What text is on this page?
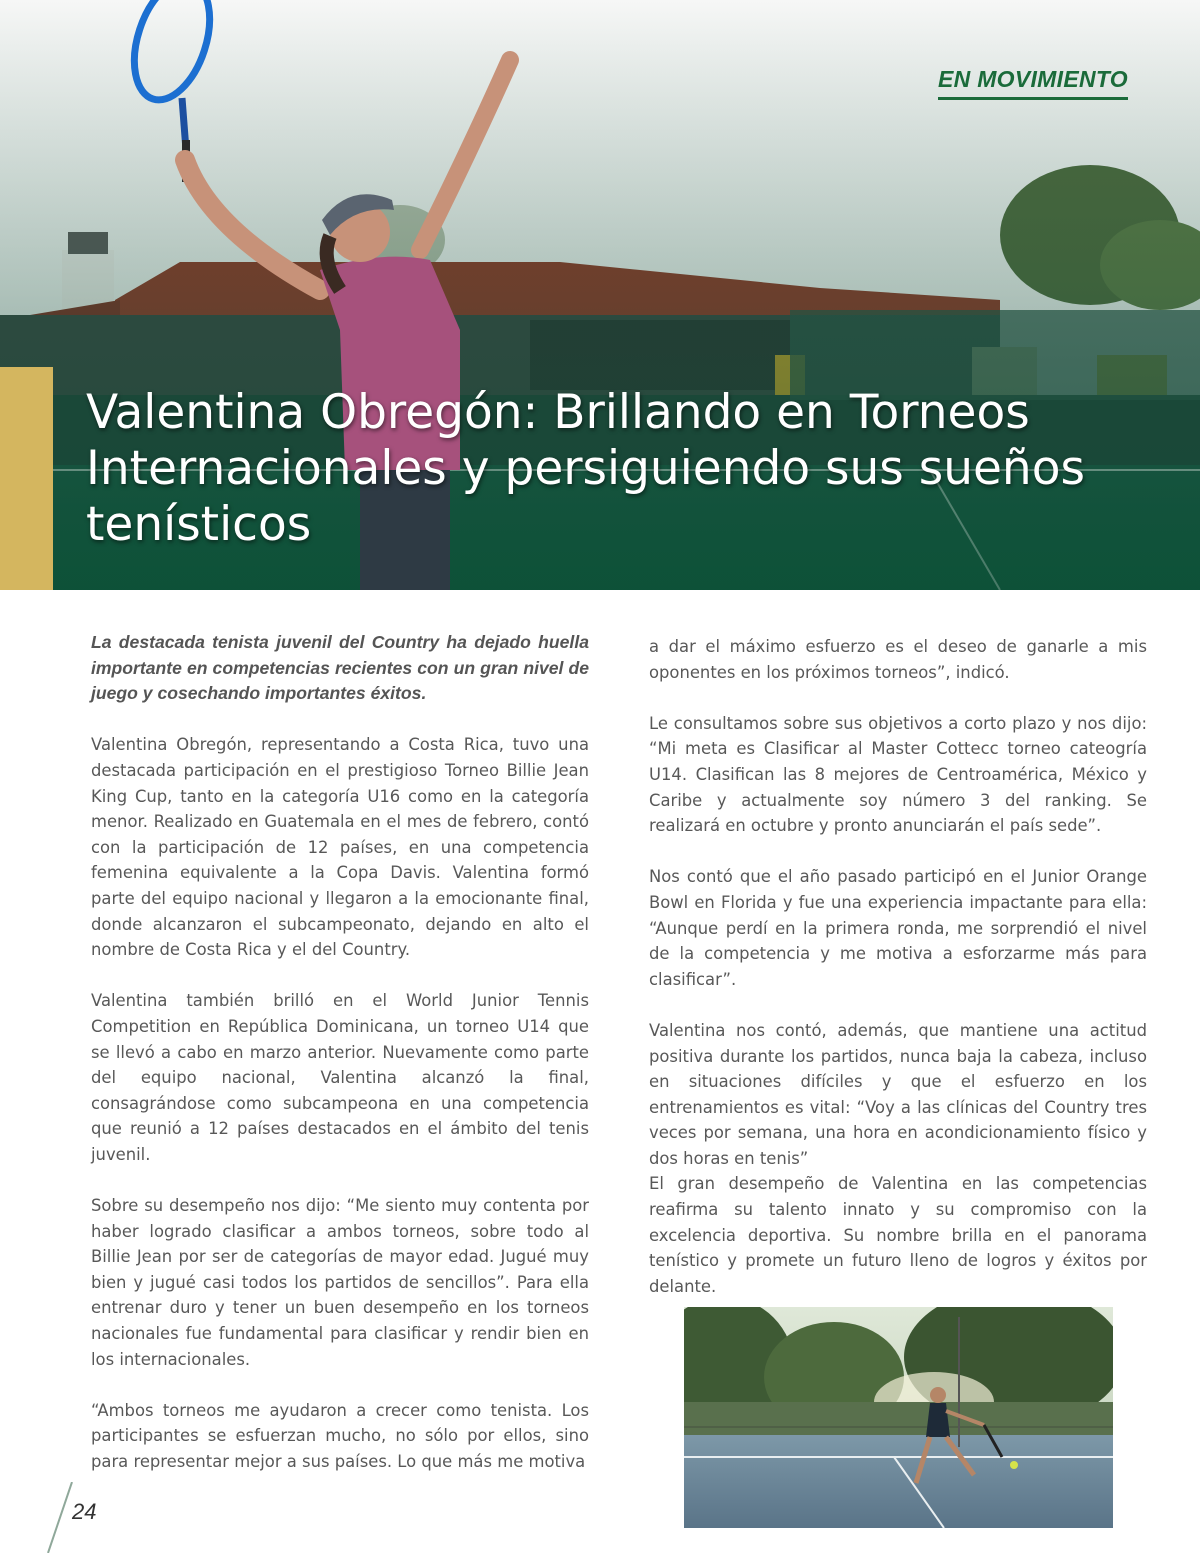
EN MOVIMIENTO
Valentina Obregón: Brillando en Torneos Internacionales y persiguiendo sus sueños tenísticos

La destacada tenista juvenil del Country ha dejado huella importante en competencias recientes con un gran nivel de juego y cosechando importantes éxitos.

Valentina Obregón, representando a Costa Rica, tuvo una destacada participación en el prestigioso Torneo Billie Jean King Cup, tanto en la categoría U16 como en la categoría menor. Realizado en Guatemala en el mes de febrero, contó con la participación de 12 países, en una competencia femenina equivalente a la Copa Davis. Valentina formó parte del equipo nacional y llegaron a la emocionante final, donde alcanzaron el subcampeonato, dejando en alto el nombre de Costa Rica y el del Country.

Valentina también brilló en el World Junior Tennis Competition en República Dominicana, un torneo U14 que se llevó a cabo en marzo anterior. Nuevamente como parte del equipo nacional, Valentina alcanzó la final, consagrándose como subcampeona en una competencia que reunió a 12 países destacados en el ámbito del tenis juvenil.

Sobre su desempeño nos dijo: “Me siento muy contenta por haber logrado clasificar a ambos torneos, sobre todo al Billie Jean por ser de categorías de mayor edad. Jugué muy bien y jugué casi todos los partidos de sencillos”. Para ella entrenar duro y tener un buen desempeño en los torneos nacionales fue fundamental para clasificar y rendir bien en los internacionales.

“Ambos torneos me ayudaron a crecer como tenista. Los participantes se esfuerzan mucho, no sólo por ellos, sino para representar mejor a sus países. Lo que más me motiva

a dar el máximo esfuerzo es el deseo de ganarle a mis oponentes en los próximos torneos”, indicó.

Le consultamos sobre sus objetivos a corto plazo y nos dijo: “Mi meta es Clasificar al Master Cottecc torneo cateogría U14. Clasifican las 8 mejores de Centroamérica, México y Caribe y actualmente soy número 3 del ranking. Se realizará en octubre y pronto anunciarán el país sede”.

Nos contó que el año pasado participó en el Junior Orange Bowl en Florida y fue una experiencia impactante para ella: “Aunque perdí en la primera ronda, me sorprendió el nivel de la competencia y me motiva a esforzarme más para clasificar”.

Valentina nos contó, además, que mantiene una actitud positiva durante los partidos, nunca baja la cabeza, incluso en situaciones difíciles y que el esfuerzo en los entrenamientos es vital: “Voy a las clínicas del Country tres veces por semana, una hora en acondicionamiento físico y dos horas en tenis”

El gran desempeño de Valentina en las competencias reafirma su talento innato y su compromiso con la excelencia deportiva. Su nombre brilla en el panorama tenístico y promete un futuro lleno de logros y éxitos por delante.

24
